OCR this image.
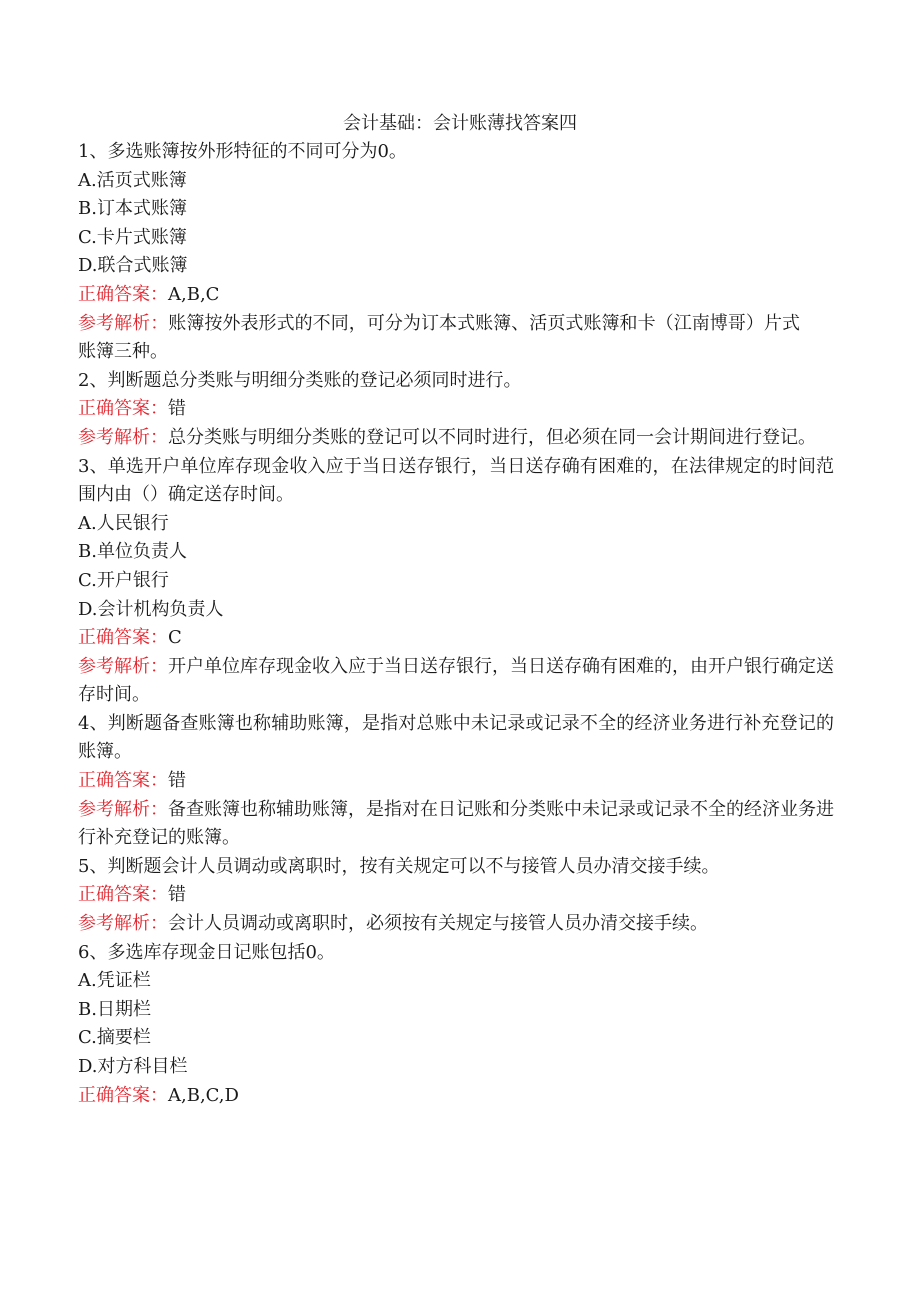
会计基础：会计账薄找答案四
1、多选账簿按外形特征的不同可分为0。
A.活页式账簿
B.订本式账簿
C.卡片式账簿
D.联合式账簿
正确答案：A,B,C
参考解析：账簿按外表形式的不同，可分为订本式账簿、活页式账簿和卡（江南博哥）片式账簿三种。
2、判断题总分类账与明细分类账的登记必须同时进行。
正确答案：错
参考解析：总分类账与明细分类账的登记可以不同时进行，但必须在同一会计期间进行登记。
3、单选开户单位库存现金收入应于当日送存银行，当日送存确有困难的，在法律规定的时间范围内由（）确定送存时间。
A.人民银行
B.单位负责人
C.开户银行
D.会计机构负责人
正确答案：C
参考解析：开户单位库存现金收入应于当日送存银行，当日送存确有困难的，由开户银行确定送存时间。
4、判断题备查账簿也称辅助账簿，是指对总账中未记录或记录不全的经济业务进行补充登记的账簿。
正确答案：错
参考解析：备查账簿也称辅助账簿，是指对在日记账和分类账中未记录或记录不全的经济业务进行补充登记的账簿。
5、判断题会计人员调动或离职时，按有关规定可以不与接管人员办清交接手续。
正确答案：错
参考解析：会计人员调动或离职时，必须按有关规定与接管人员办清交接手续。
6、多选库存现金日记账包括0。
A.凭证栏
B.日期栏
C.摘要栏
D.对方科目栏
正确答案：A,B,C,D
